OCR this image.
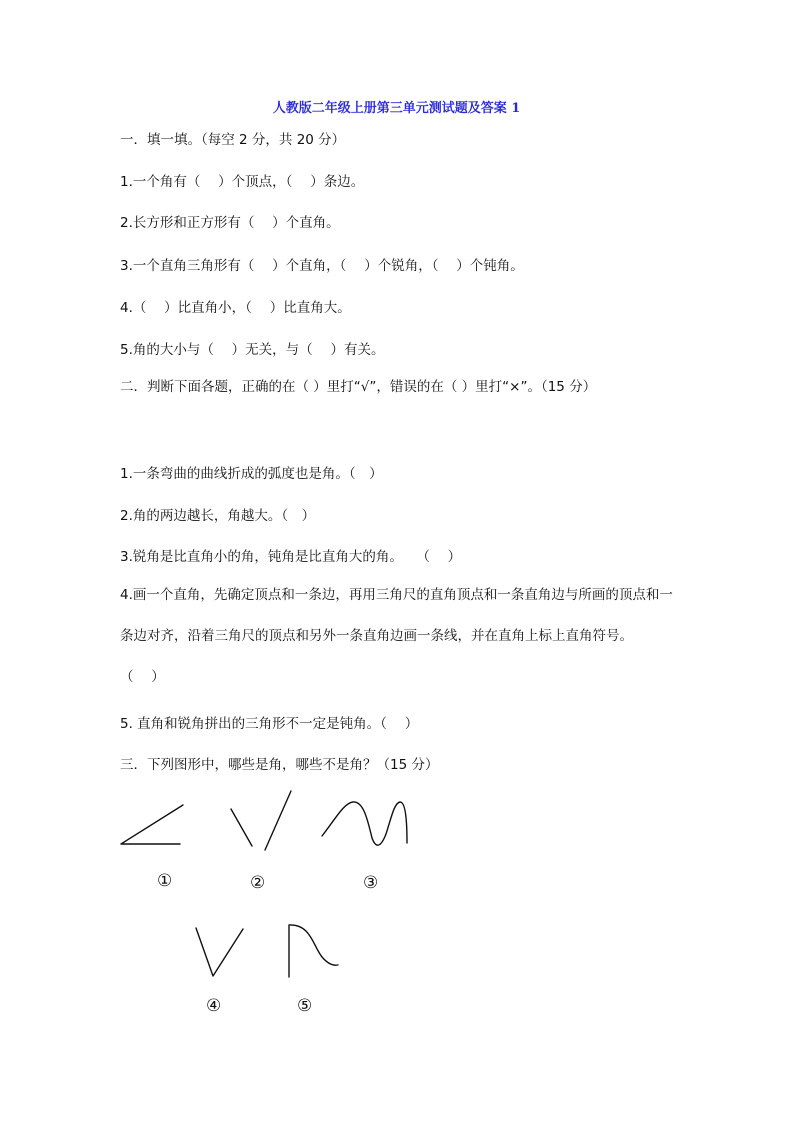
人教版二年级上册第三单元测试题及答案 1
一．填一填。（每空 2 分，共 20 分）
1.一个角有（　 ）个顶点，（　 ）条边。
2.长方形和正方形有（　 ）个直角。
3.一个直角三角形有（　 ）个直角，（　 ）个锐角，（　 ）个钝角。
4.（　 ）比直角小，（　 ）比直角大。
5.角的大小与（　 ）无关，与（　 ）有关。
二．判断下面各题，正确的在（ ）里打“√”，错误的在（ ）里打“×”。（15 分）
1.一条弯曲的曲线折成的弧度也是角。（　）
2.角的两边越长，角越大。（　）
3.锐角是比直角小的角，钝角是比直角大的角。　　（　 ）
4.画一个直角，先确定顶点和一条边，再用三角尺的直角顶点和一条直角边与所画的顶点和一条边对齐，沿着三角尺的顶点和另外一条直角边画一条线，并在直角上标上直角符号。　　　　　　　（　 ）
5. 直角和锐角拼出的三角形不一定是钝角。（　 ）
三．下列图形中，哪些是角，哪些不是角？（15 分）
①	②	③
④	⑤
